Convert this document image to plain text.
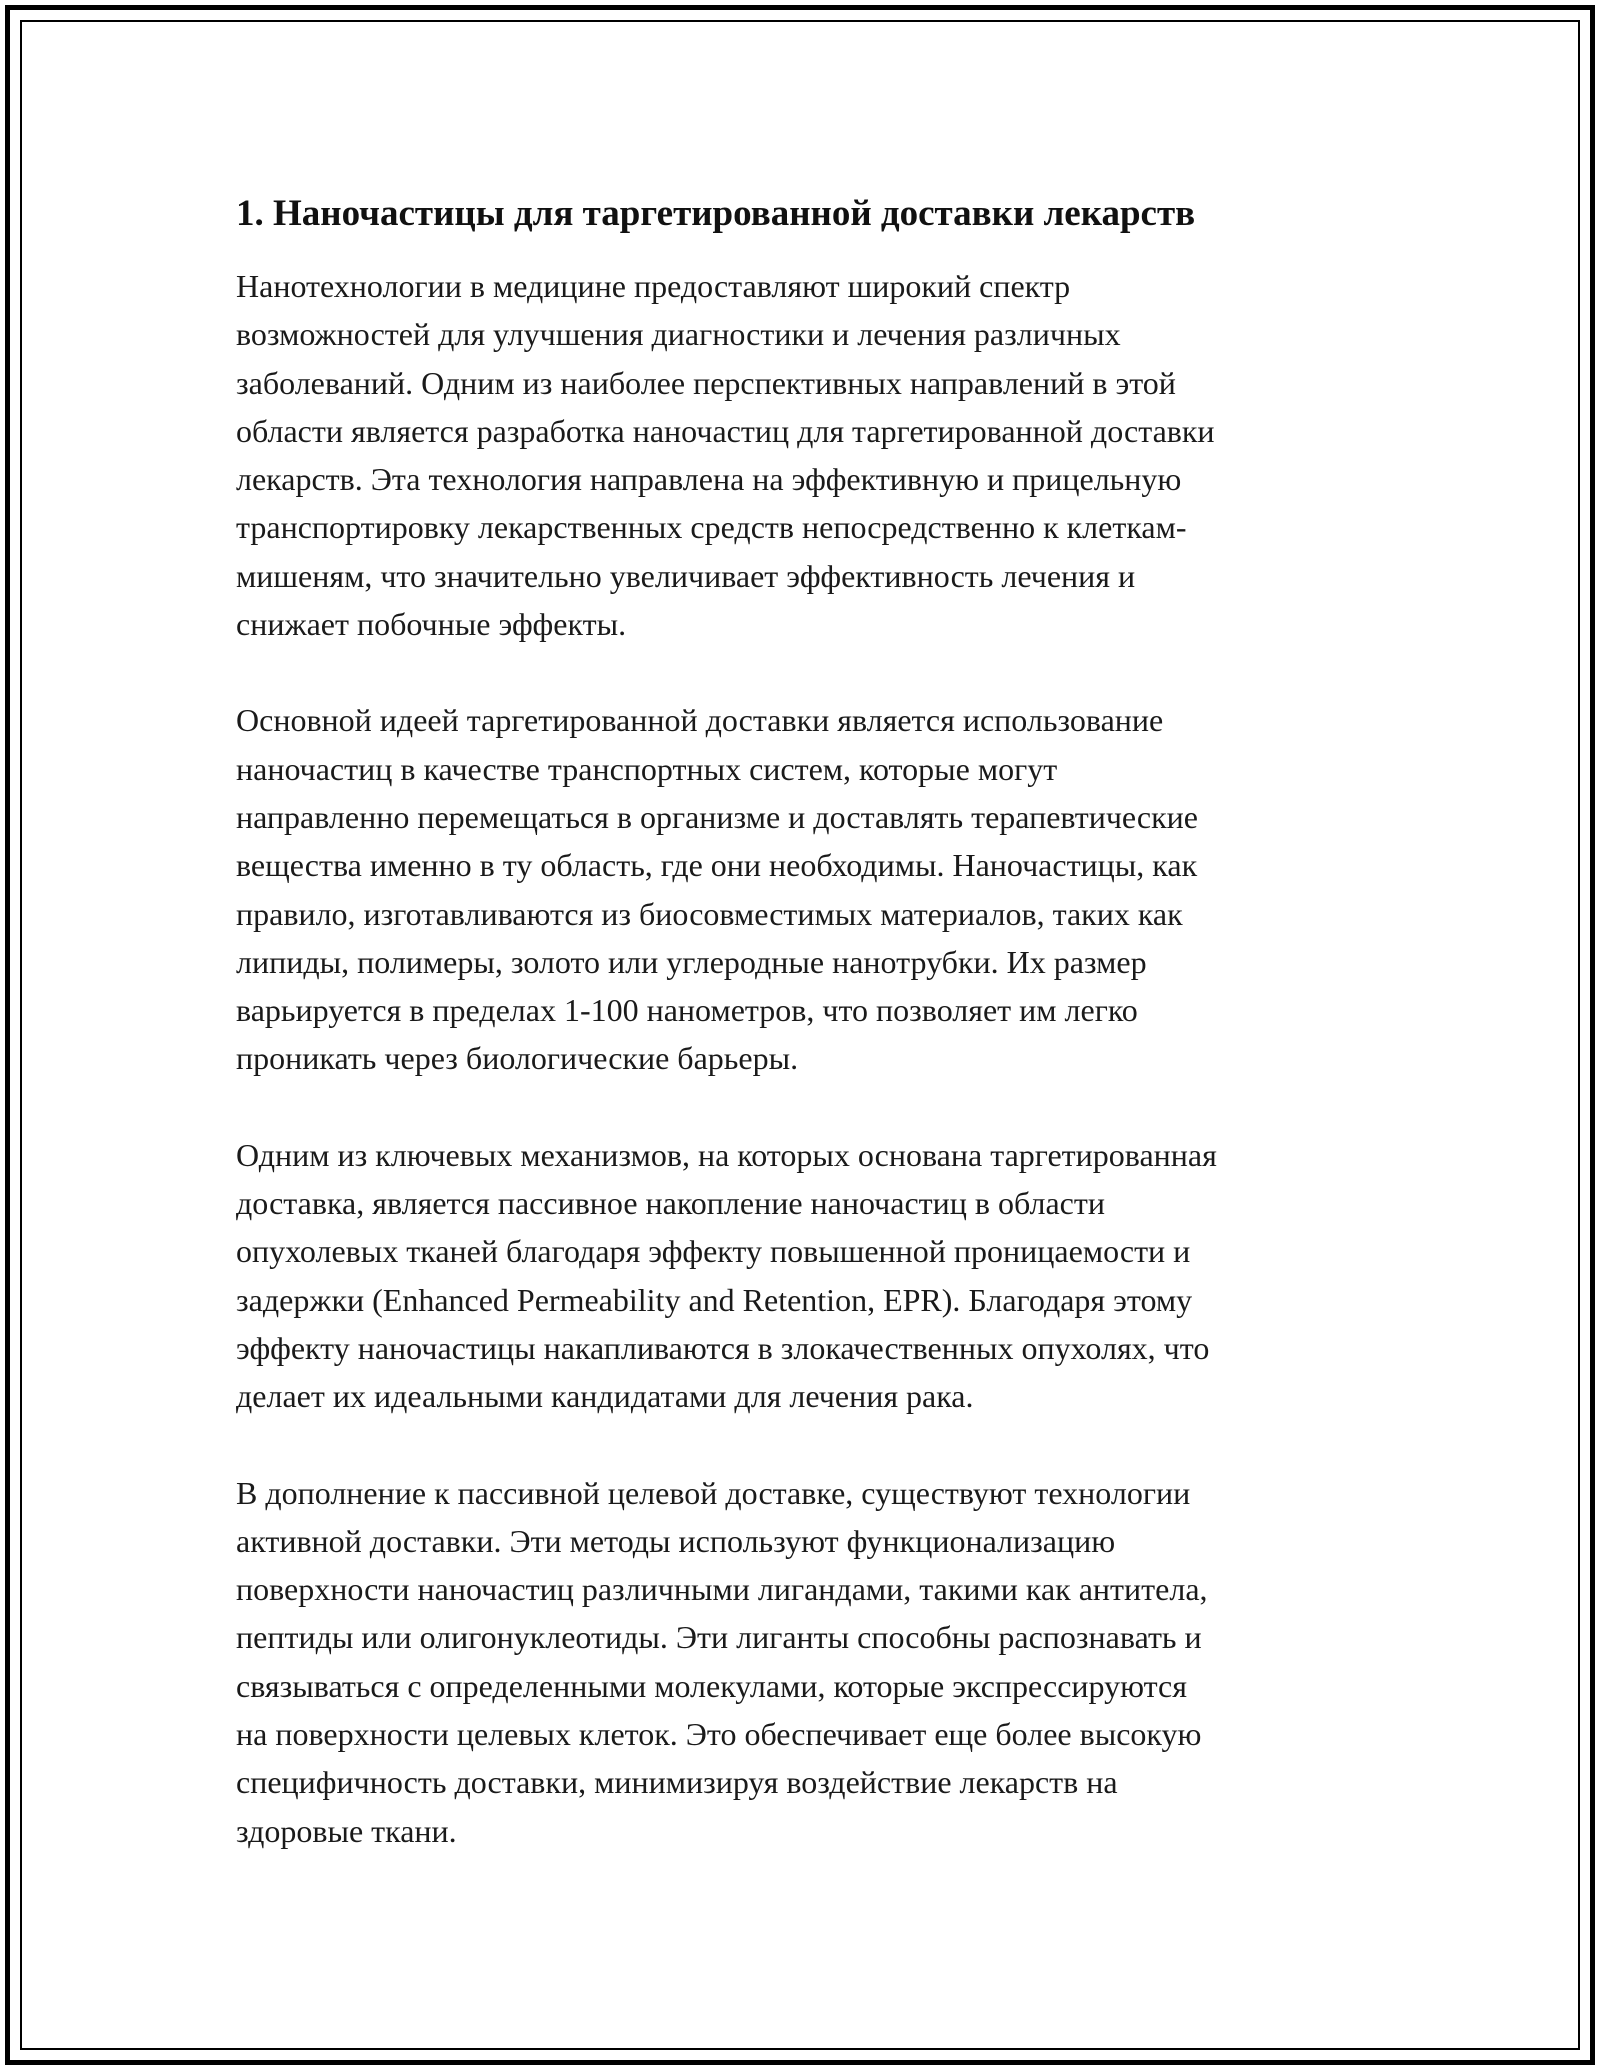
1. Наночастицы для таргетированной доставки лекарств

Нанотехнологии в медицине предоставляют широкий спектр
возможностей для улучшения диагностики и лечения различных
заболеваний. Одним из наиболее перспективных направлений в этой
области является разработка наночастиц для таргетированной доставки
лекарств. Эта технология направлена на эффективную и прицельную
транспортировку лекарственных средств непосредственно к клеткам-
мишеням, что значительно увеличивает эффективность лечения и
снижает побочные эффекты.

Основной идеей таргетированной доставки является использование
наночастиц в качестве транспортных систем, которые могут
направленно перемещаться в организме и доставлять терапевтические
вещества именно в ту область, где они необходимы. Наночастицы, как
правило, изготавливаются из биосовместимых материалов, таких как
липиды, полимеры, золото или углеродные нанотрубки. Их размер
варьируется в пределах 1-100 нанометров, что позволяет им легко
проникать через биологические барьеры.

Одним из ключевых механизмов, на которых основана таргетированная
доставка, является пассивное накопление наночастиц в области
опухолевых тканей благодаря эффекту повышенной проницаемости и
задержки (Enhanced Permeability and Retention, EPR). Благодаря этому
эффекту наночастицы накапливаются в злокачественных опухолях, что
делает их идеальными кандидатами для лечения рака.

В дополнение к пассивной целевой доставке, существуют технологии
активной доставки. Эти методы используют функционализацию
поверхности наночастиц различными лигандами, такими как антитела,
пептиды или олигонуклеотиды. Эти лиганты способны распознавать и
связываться с определенными молекулами, которые экспрессируются
на поверхности целевых клеток. Это обеспечивает еще более высокую
специфичность доставки, минимизируя воздействие лекарств на
здоровые ткани.
